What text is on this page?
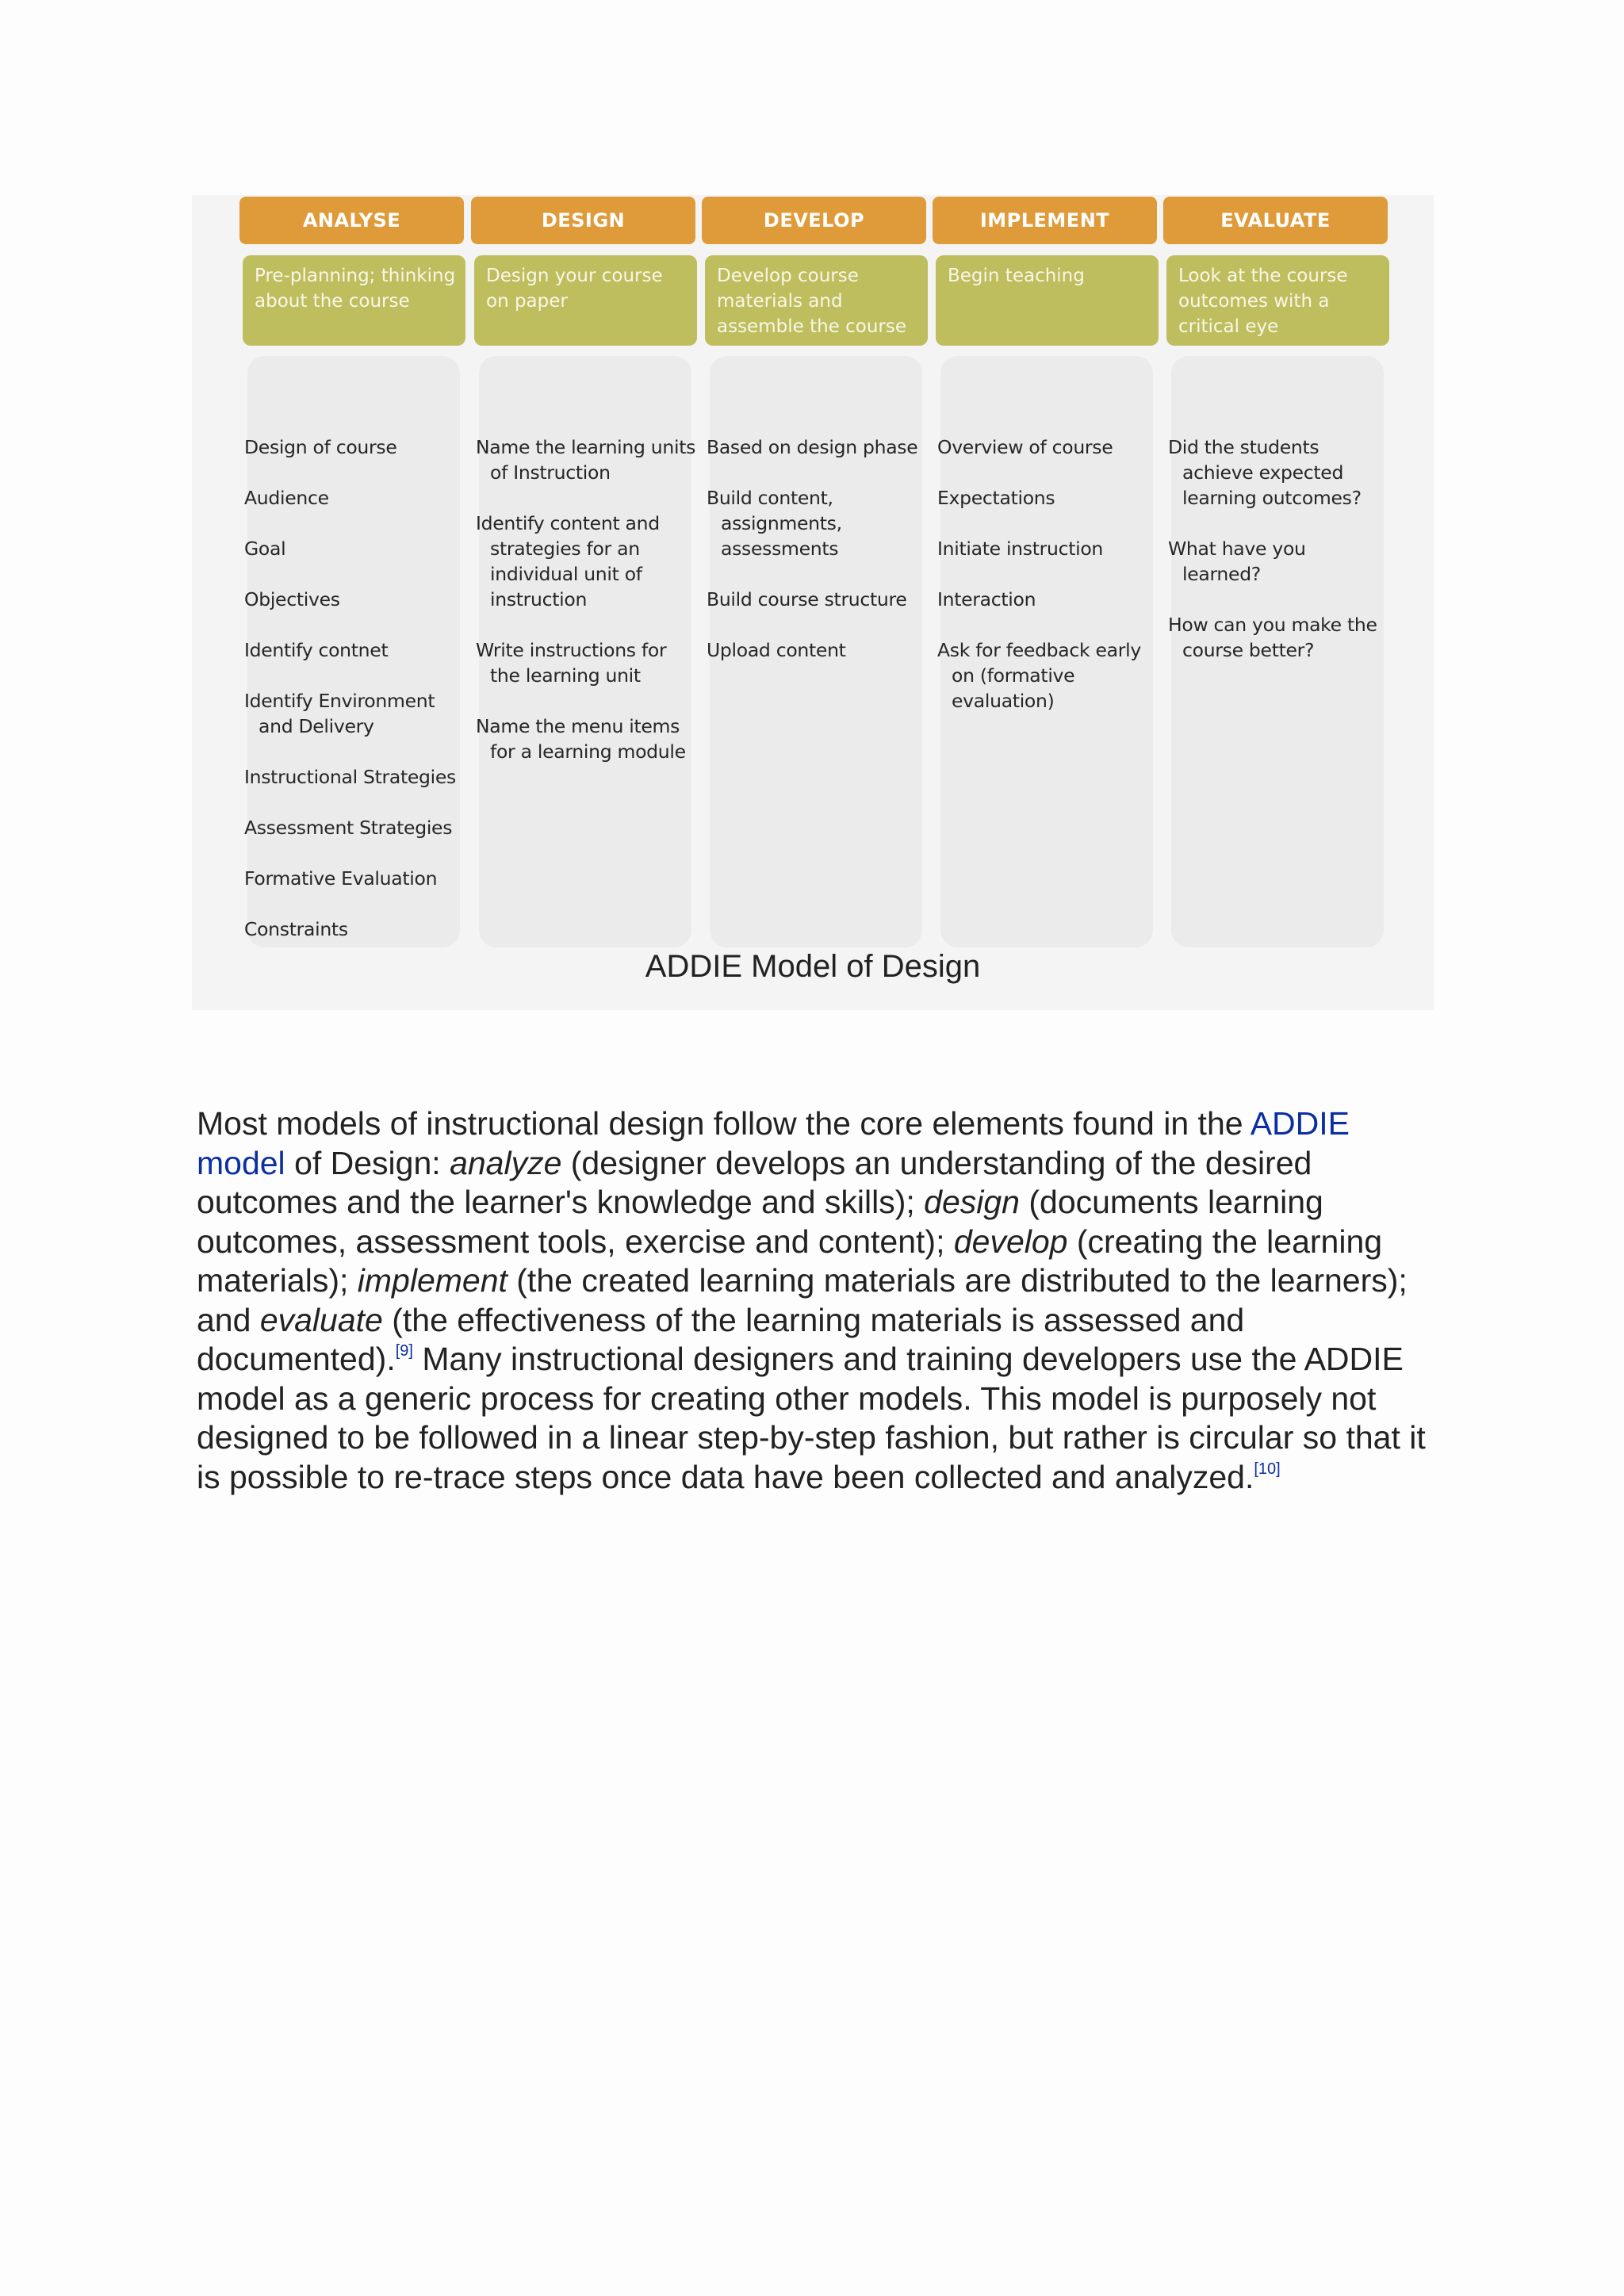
ANALYSE
Pre-planning; thinking about the course
Design of course
Audience
Goal
Objectives
Identify contnet
Identify Environment and Delivery
Instructional Strategies
Assessment Strategies
Formative Evaluation
Constraints
DESIGN
Design your course on paper
Name the learning units of Instruction
Identify content and strategies for an individual unit of instruction
Write instructions for the learning unit
Name the menu items for a learning module
DEVELOP
Develop course materials and assemble the course
Based on design phase
Build content, assignments, assessments
Build course structure
Upload content
IMPLEMENT
Begin teaching
Overview of course
Expectations
Initiate instruction
Interaction
Ask for feedback early on (formative evaluation)
EVALUATE
Look at the course outcomes with a critical eye
Did the students achieve expected learning outcomes?
What have you learned?
How can you make the course better?
ADDIE Model of Design

Most models of instructional design follow the core elements found in the ADDIE model of Design: analyze (designer develops an understanding of the desired outcomes and the learner's knowledge and skills); design (documents learning outcomes, assessment tools, exercise and content); develop (creating the learning materials); implement (the created learning materials are distributed to the learners); and evaluate (the effectiveness of the learning materials is assessed and documented).[9] Many instructional designers and training developers use the ADDIE model as a generic process for creating other models. This model is purposely not designed to be followed in a linear step-by-step fashion, but rather is circular so that it is possible to re-trace steps once data have been collected and analyzed.[10]
